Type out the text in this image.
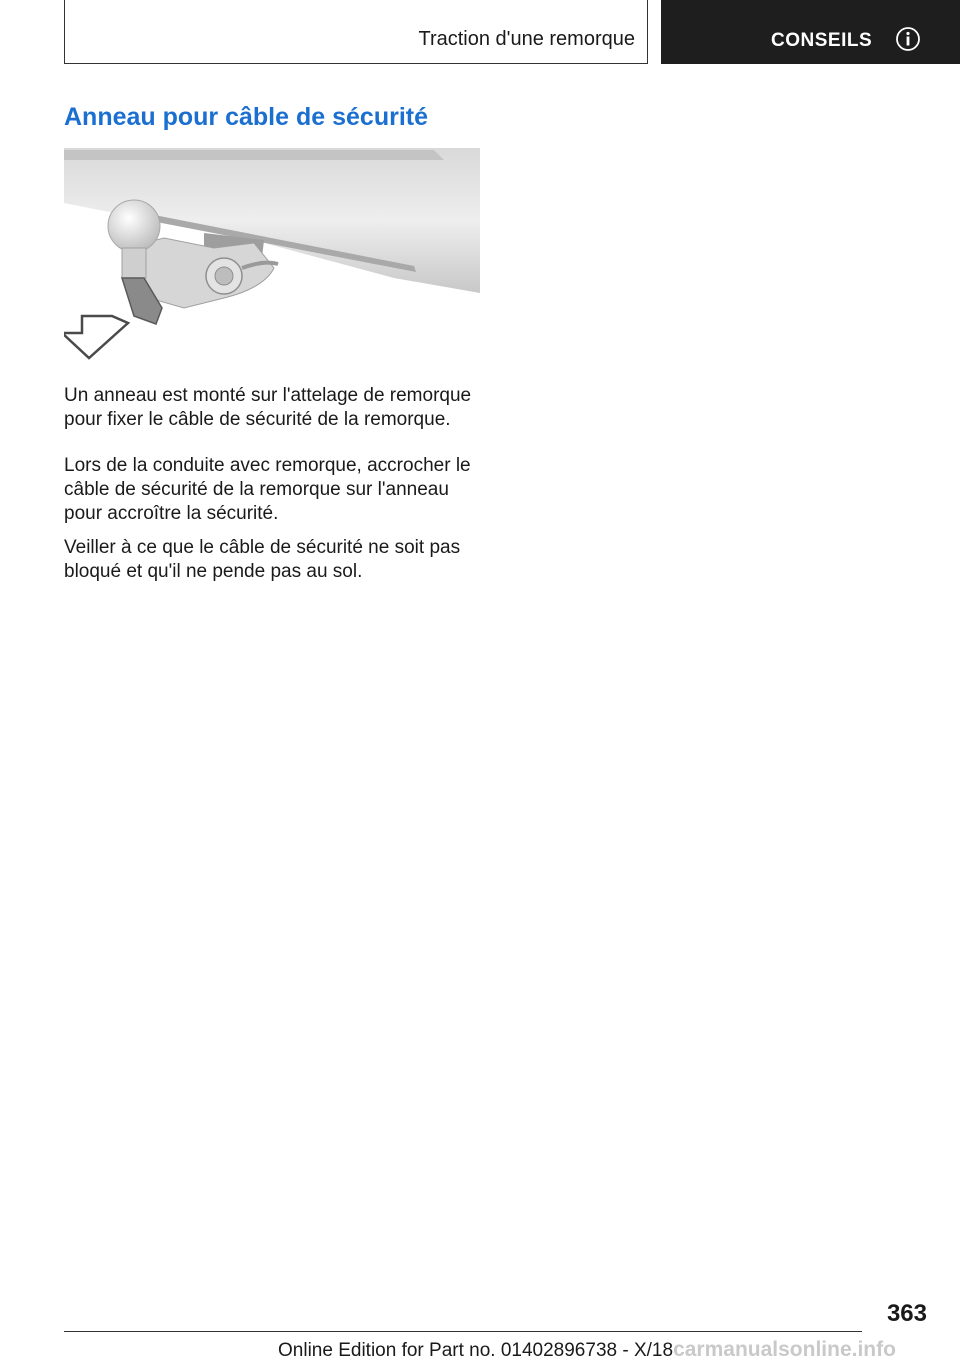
Traction d'une remorque	CONSEILS
Anneau pour câble de sécurité

Un anneau est monté sur l'attelage de remorque pour fixer le câble de sécurité de la remorque.

Lors de la conduite avec remorque, accrocher le câble de sécurité de la remorque sur l'anneau pour accroître la sécurité.

Veiller à ce que le câble de sécurité ne soit pas bloqué et qu'il ne pende pas au sol.

363
Online Edition for Part no. 01402896738 - X/18carmanualsonline.info
